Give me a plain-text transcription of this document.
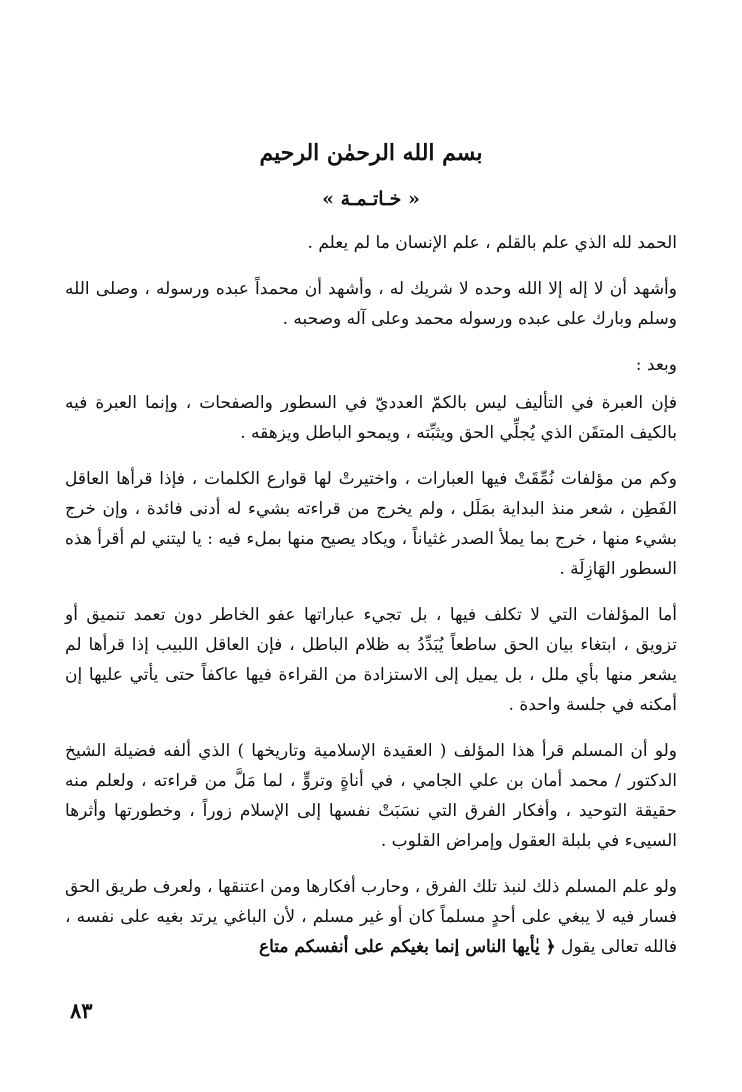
بسم الله الرحمٰن الرحيم
« خـاتـمـة »

الحمد لله الذي علم بالقلم ، علم الإنسان ما لم يعلم .

وأشهد أن لا إله إلا الله وحده لا شريك له ، وأشهد أن محمداً عبده ورسوله ، وصلى الله وسلم وبارك على عبده ورسوله محمد وعلى آله وصحبه .

وبعد :

فإن العبرة في التأليف ليس بالكمّ العدديّ في السطور والصفحات ، وإنما العبرة فيه بالكيف المتقَن الذي يُجلِّي الحق ويثبِّته ، ويمحو الباطل ويزهقه .

وكم من مؤلفات نُمِّقَتْ فيها العبارات ، واختيرتْ لها قوارع الكلمات ، فإذا قرأها العاقل الفَطِن ، شعر منذ البداية بمَلَل ، ولم يخرج من قراءته بشيء له أدنى فائدة ، وإن خرج بشيء منها ، خرج بما يملأ الصدر غثياناً ، ويكاد يصيح منها بملء فيه : يا ليتني لم أقرأ هذه السطور الهَازِلَة .

أما المؤلفات التي لا تكلف فيها ، بل تجيء عباراتها عفو الخاطر دون تعمد تنميق أو تزويق ، ابتغاء بيان الحق ساطعاً يُبَدِّدُ به ظلام الباطل ، فإن العاقل اللبيب إذا قرأها لم يشعر منها بأي ملل ، بل يميل إلى الاستزادة من القراءة فيها عاكفاً حتى يأتي عليها إن أمكنه في جلسة واحدة .

ولو أن المسلم قرأ هذا المؤلف ( العقيدة الإسلامية وتاريخها ) الذي ألفه فضيلة الشيخ الدكتور / محمد أمان بن علي الجامي ، في أناةٍ وتروٍّ ، لما مَلَّ من قراءته ، ولعلم منه حقيقة التوحيد ، وأفكار الفرق التي نسَبَتْ نفسها إلى الإسلام زوراً ، وخطورتها وأثرها السيىء في بلبلة العقول وإمراض القلوب .

ولو علم المسلم ذلك لنبذ تلك الفرق ، وحارب أفكارها ومن اعتنقها ، ولعرف طريق الحق فسار فيه لا يبغي على أحدٍ مسلماً كان أو غير مسلم ، لأن الباغي يرتد بغيه على نفسه ، فالله تعالى يقول ﴿ يٰأيها الناس إنما بغيكم على أنفسكم متاع

٨٣
